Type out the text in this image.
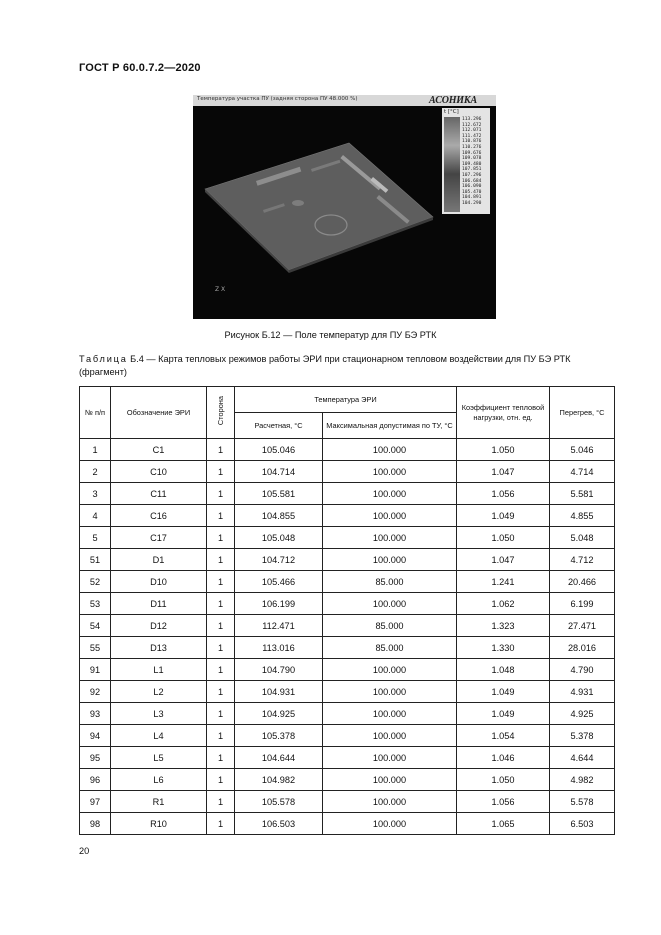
ГОСТ Р 60.0.7.2—2020
Температура участка ПУ (задняя сторона ПУ 48.000 %)	АСОНИКА
t [°C]
113.296
112.672
112.071
111.472
110.876
110.276
109.676
109.078
109.480
107.851
107.296
106.684
106.090
105.470
104.891
104.290
Z X
Рисунок Б.12 — Поле температур для ПУ БЭ РТК
Таблица Б.4 — Карта тепловых режимов работы ЭРИ при стационарном тепловом воздействии для ПУ БЭ РТК (фрагмент)
№ п/п	Обозначение ЭРИ	Сторона	Температура ЭРИ		Коэффициент тепловой нагрузки, отн. ед.	Перегрев, °С
			Расчетная, °С	Максимальная допустимая по ТУ, °С		
1	C1	1	105.046	100.000	1.050	5.046
2	C10	1	104.714	100.000	1.047	4.714
3	C11	1	105.581	100.000	1.056	5.581
4	C16	1	104.855	100.000	1.049	4.855
5	C17	1	105.048	100.000	1.050	5.048
51	D1	1	104.712	100.000	1.047	4.712
52	D10	1	105.466	85.000	1.241	20.466
53	D11	1	106.199	100.000	1.062	6.199
54	D12	1	112.471	85.000	1.323	27.471
55	D13	1	113.016	85.000	1.330	28.016
91	L1	1	104.790	100.000	1.048	4.790
92	L2	1	104.931	100.000	1.049	4.931
93	L3	1	104.925	100.000	1.049	4.925
94	L4	1	105.378	100.000	1.054	5.378
95	L5	1	104.644	100.000	1.046	4.644
96	L6	1	104.982	100.000	1.050	4.982
97	R1	1	105.578	100.000	1.056	5.578
98	R10	1	106.503	100.000	1.065	6.503
20
